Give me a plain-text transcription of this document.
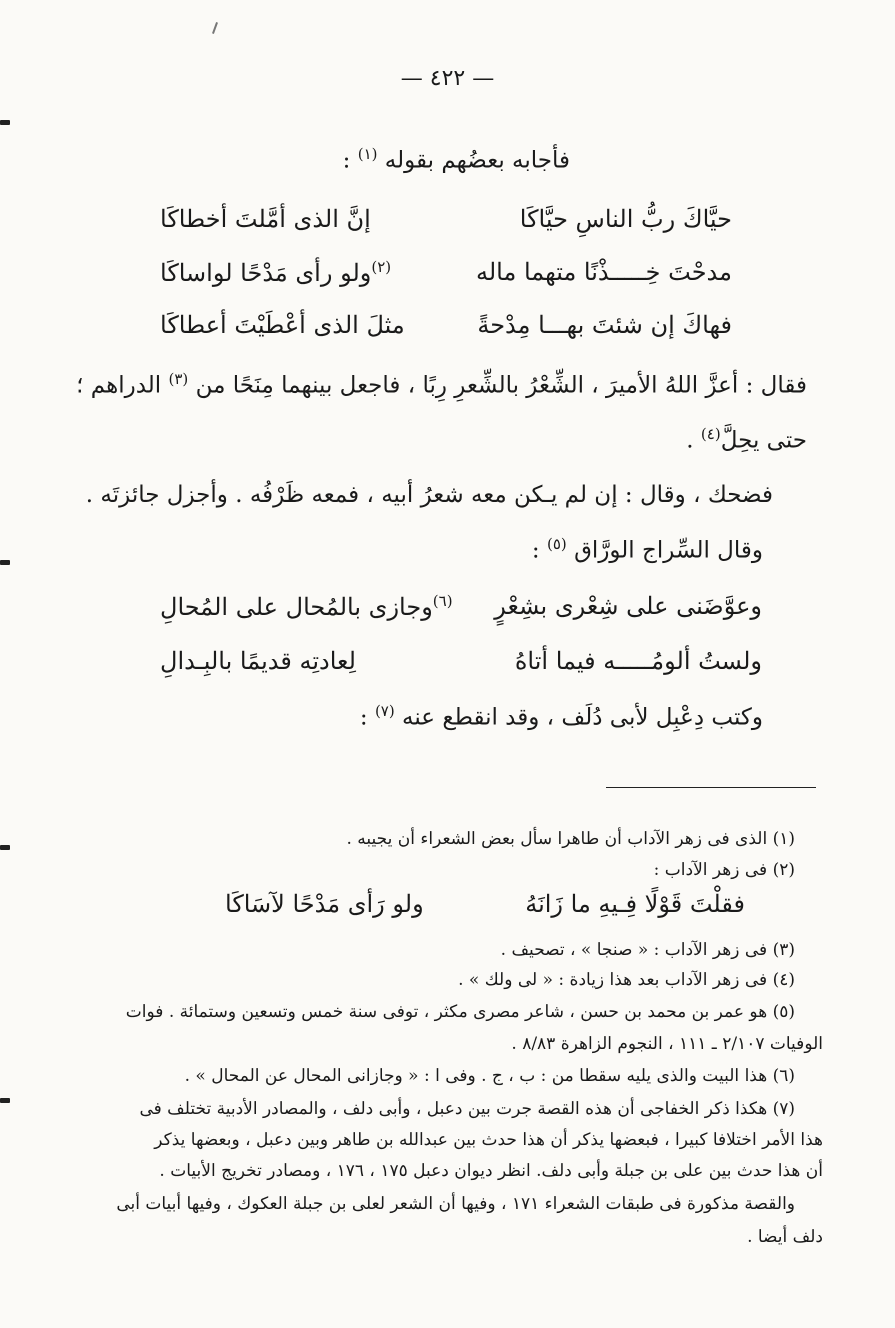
— ٤٢٢ —
فأجابه بعضُهم بقوله $^{(١)}$ :
حيَّاكَ ربُّ الناسِ حيَّاكَا
إنَّ الذى أمَّلتَ أخطاكَا
مدحْتَ خِـــــذْنًا متهما ماله
$^{(٢)}$ولو رأى مَدْحًا لواساكَا
فهاكَ إن شئتَ بهـــا مِدْحةً
مثلَ الذى أعْطَيْتَ أعطاكَا
فقال : أعزَّ اللهُ الأميرَ ، الشِّعْرُ بالشِّعرِ رِبًا ، فاجعل بينهما مِنَحًا من $^{(٣)}$ الدراهم ؛
حتى يحِلَّ$^{(٤)}$ .
فضحك ، وقال : إن لم يـكن معه شعرُ أبيه ، فمعه ظَرْفُه . وأجزل جائزتَه .
وقال السِّراج الورَّاق $^{(٥)}$ :
وعوَّضَنى على شِعْرى بشِعْرٍ
$^{(٦)}$وجازى بالمُحال على المُحالِ
ولستُ ألومُـــــه فيما أتاهُ
لِعادتِه قديمًا بالبِـدالِ
وكتب دِعْبِل لأبى دُلَف ، وقد انقطع عنه $^{(٧)}$ :
(١) الذى فى زهر الآداب أن طاهرا سأل بعض الشعراء أن يجيبه .
(٢) فى زهر الآداب :
فقلْتَ قَوْلًا فِـيهِ ما زَانَهُ
ولو رَأى مَدْحًا لآسَاكَا
(٣) فى زهر الآداب : « صنجا » ، تصحيف .
(٤) فى زهر الآداب بعد هذا زيادة : « لى ولك » .
(٥) هو عمر بن محمد بن حسن ، شاعر مصرى مكثر ، توفى سنة خمس وتسعين وستمائة . فوات
الوفيات ٢/١٠٧ ـ ١١١ ، النجوم الزاهرة ٨/٨٣ .
(٦) هذا البيت والذى يليه سقطا من : ب ، ج . وفى ا : « وجازانى المحال عن المحال » .
(٧) هكذا ذكر الخفاجى أن هذه القصة جرت بين دعبل ، وأبى دلف ، والمصادر الأدبية تختلف فى
هذا الأمر اختلافا كبيرا ، فبعضها يذكر أن هذا حدث بين عبدالله بن طاهر وبين دعبل ، وبعضها يذكر
أن هذا حدث بين على بن جبلة وأبى دلف. انظر ديوان دعبل ١٧٥ ، ١٧٦ ، ومصادر تخريج الأبيات .
والقصة مذكورة فى طبقات الشعراء ١٧١ ، وفيها أن الشعر لعلى بن جبلة العكوك ، وفيها أبيات أبى
دلف أيضا .
